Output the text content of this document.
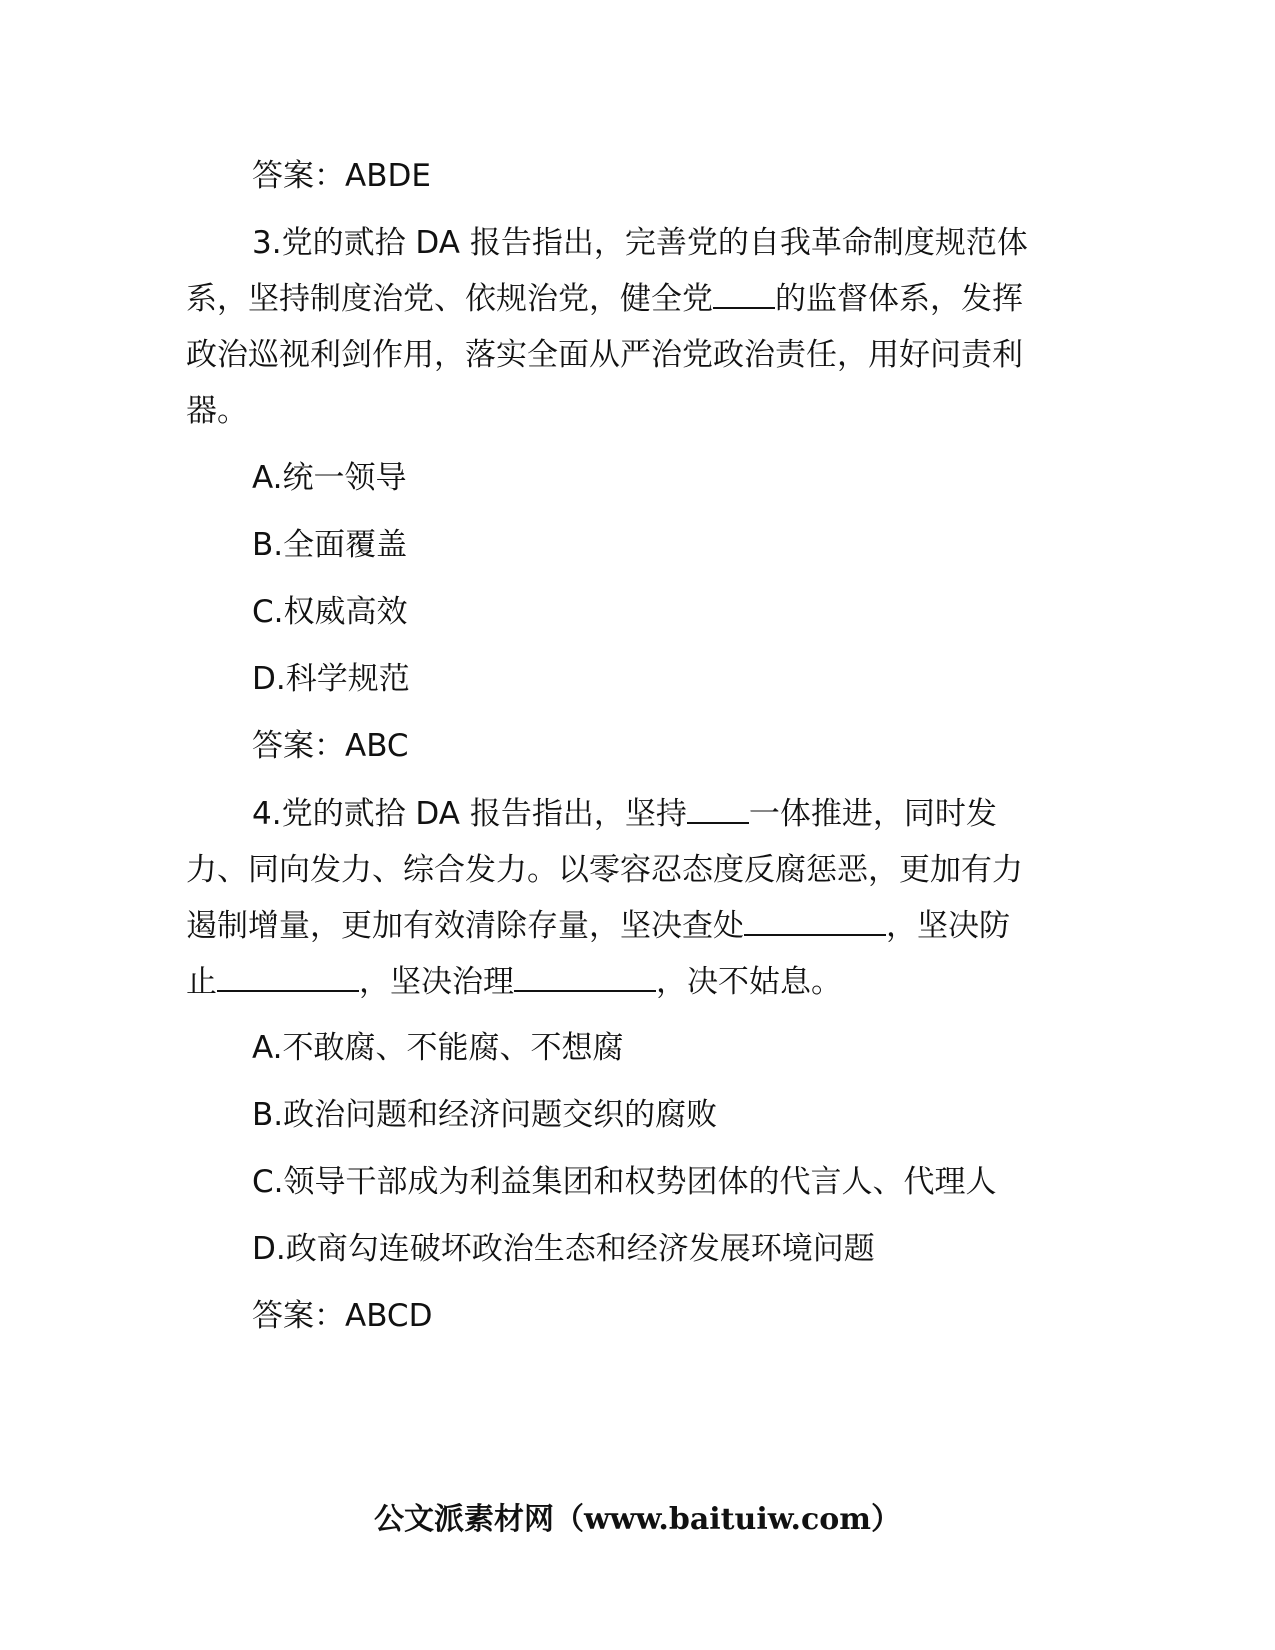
答案：ABDE
3.党的贰拾 DA 报告指出，完善党的自我革命制度规范体
系，坚持制度治党、依规治党，健全党 的监督体系，发挥
政治巡视利剑作用，落实全面从严治党政治责任，用好问责利
器。
A.统一领导
B.全面覆盖
C.权威高效
D.科学规范
答案：ABC
4.党的贰拾 DA 报告指出，坚持 一体推进，同时发
力、同向发力、综合发力。以零容忍态度反腐惩恶，更加有力
遏制增量，更加有效清除存量，坚决查处	，坚决防
止	，坚决治理	，决不姑息。
A.不敢腐、不能腐、不想腐
B.政治问题和经济问题交织的腐败
C.领导干部成为利益集团和权势团体的代言人、代理人
D.政商勾连破坏政治生态和经济发展环境问题
答案：ABCD
公文派素材网（www.baituiw.com）
